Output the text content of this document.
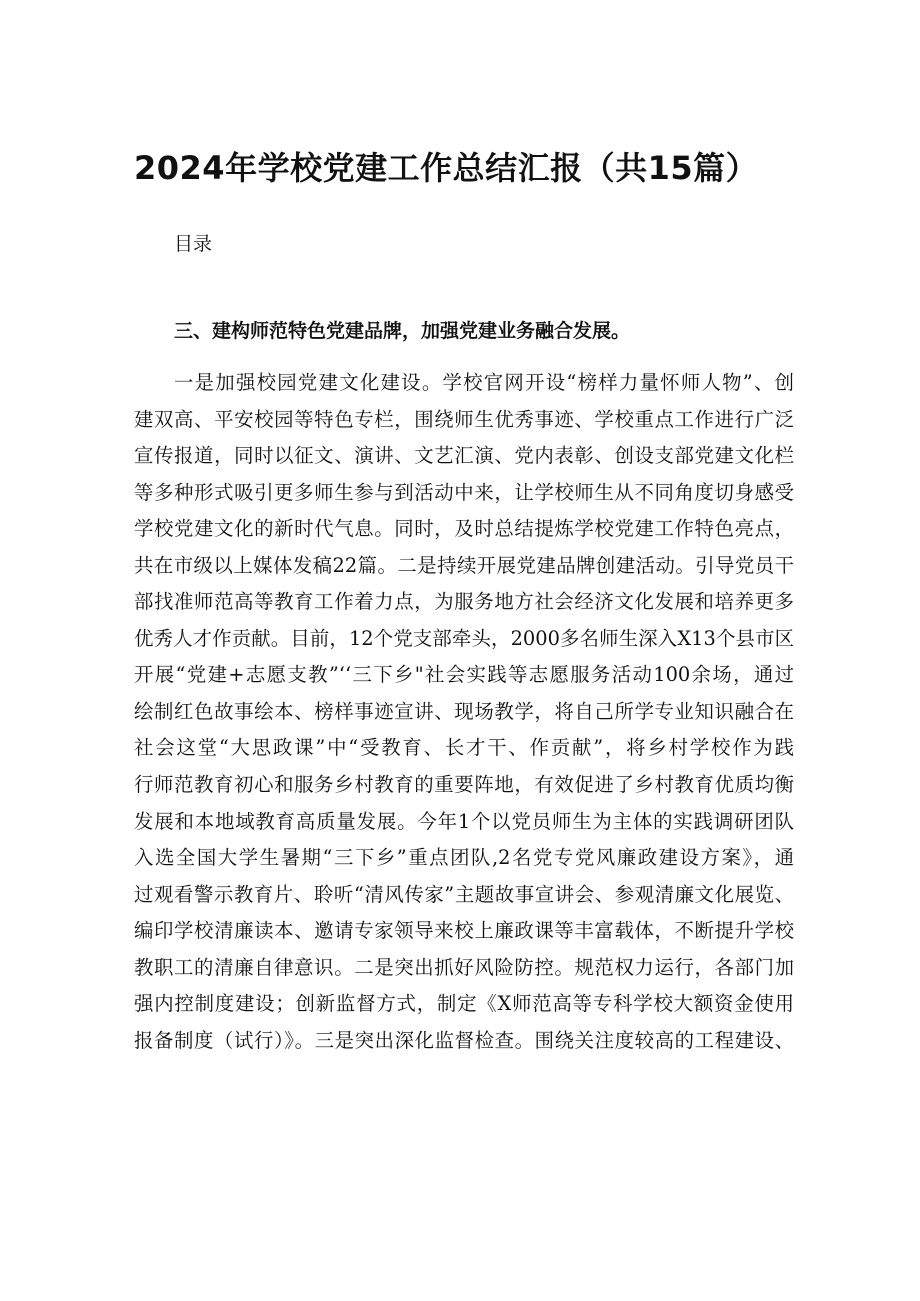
2024年学校党建工作总结汇报（共15篇）
目录
三、建构师范特色党建品牌，加强党建业务融合发展。
一是加强校园党建文化建设。学校官网开设“榜样力量怀师人物”、创
建双高、平安校园等特色专栏，围绕师生优秀事迹、学校重点工作进行广泛
宣传报道，同时以征文、演讲、文艺汇演、党内表彰、创设支部党建文化栏
等多种形式吸引更多师生参与到活动中来，让学校师生从不同角度切身感受
学校党建文化的新时代气息。同时，及时总结提炼学校党建工作特色亮点，
共在市级以上媒体发稿22篇。二是持续开展党建品牌创建活动。引导党员干
部找准师范高等教育工作着力点，为服务地方社会经济文化发展和培养更多
优秀人才作贡献。目前，12个党支部牵头，2000多名师生深入X13个县市区
开展“党建+志愿支教”‘‘三下乡"社会实践等志愿服务活动100余场，通过
绘制红色故事绘本、榜样事迹宣讲、现场教学，将自己所学专业知识融合在
社会这堂“大思政课”中“受教育、长才干、作贡献”，将乡村学校作为践
行师范教育初心和服务乡村教育的重要阵地，有效促进了乡村教育优质均衡
发展和本地域教育高质量发展。今年1个以党员师生为主体的实践调研团队
入选全国大学生暑期“三下乡”重点团队,2名党专党风廉政建设方案》，通
过观看警示教育片、聆听“清风传家”主题故事宣讲会、参观清廉文化展览、
编印学校清廉读本、邀请专家领导来校上廉政课等丰富载体，不断提升学校
教职工的清廉自律意识。二是突出抓好风险防控。规范权力运行，各部门加
强内控制度建设；创新监督方式，制定《X师范高等专科学校大额资金使用
报备制度（试行）》。三是突出深化监督检查。围绕关注度较高的工程建设、
